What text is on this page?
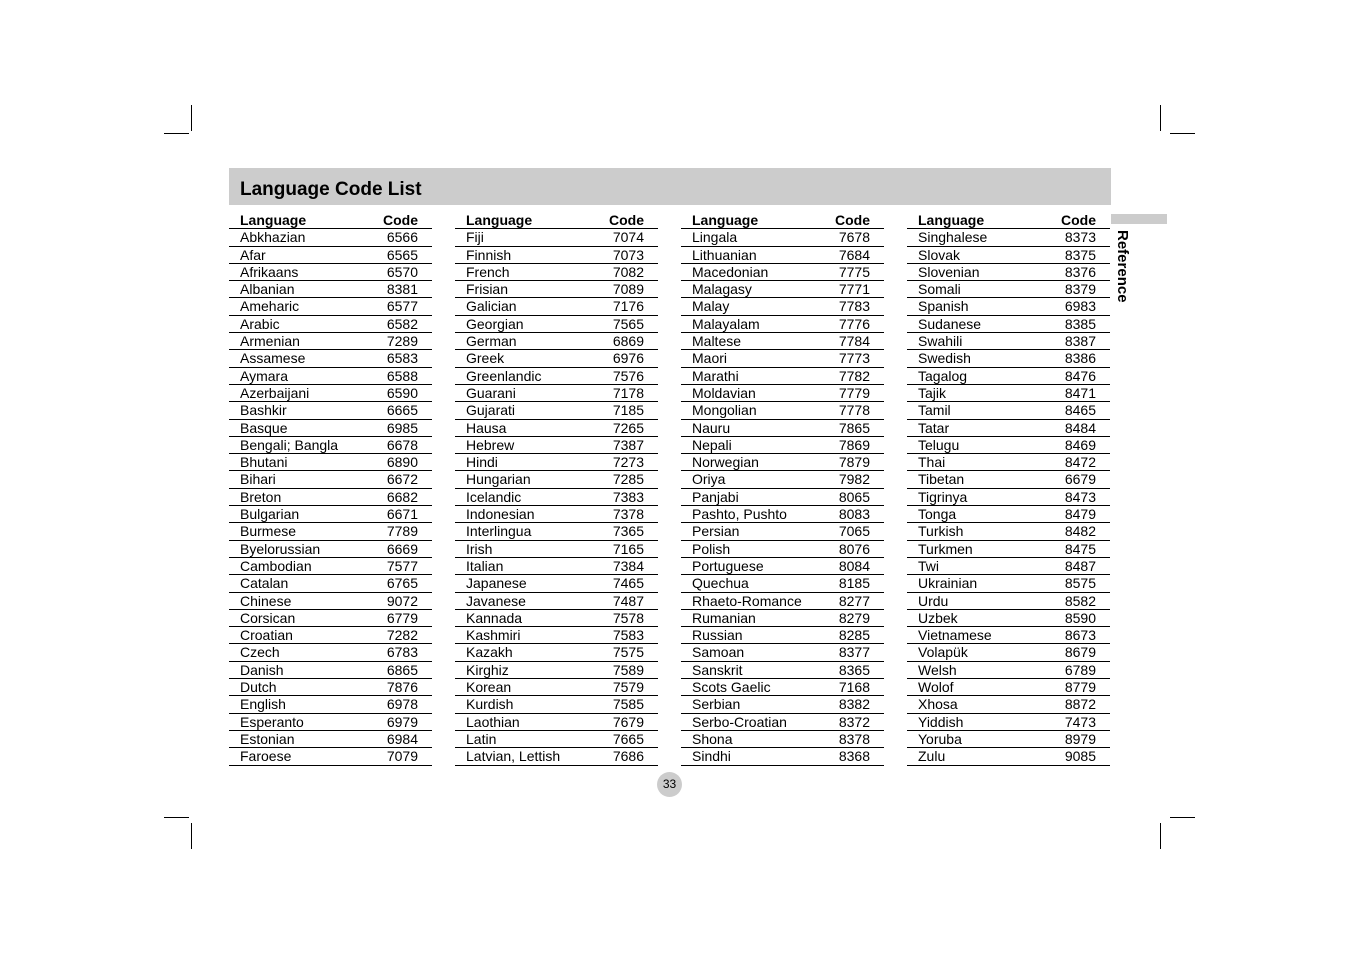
Language Code List
Reference
Language	Code
Abkhazian	6566
Afar	6565
Afrikaans	6570
Albanian	8381
Ameharic	6577
Arabic	6582
Armenian	7289
Assamese	6583
Aymara	6588
Azerbaijani	6590
Bashkir	6665
Basque	6985
Bengali; Bangla	6678
Bhutani	6890
Bihari	6672
Breton	6682
Bulgarian	6671
Burmese	7789
Byelorussian	6669
Cambodian	7577
Catalan	6765
Chinese	9072
Corsican	6779
Croatian	7282
Czech	6783
Danish	6865
Dutch	7876
English	6978
Esperanto	6979
Estonian	6984
Faroese	7079
Language	Code
Fiji	7074
Finnish	7073
French	7082
Frisian	7089
Galician	7176
Georgian	7565
German	6869
Greek	6976
Greenlandic	7576
Guarani	7178
Gujarati	7185
Hausa	7265
Hebrew	7387
Hindi	7273
Hungarian	7285
Icelandic	7383
Indonesian	7378
Interlingua	7365
Irish	7165
Italian	7384
Japanese	7465
Javanese	7487
Kannada	7578
Kashmiri	7583
Kazakh	7575
Kirghiz	7589
Korean	7579
Kurdish	7585
Laothian	7679
Latin	7665
Latvian, Lettish	7686
Language	Code
Lingala	7678
Lithuanian	7684
Macedonian	7775
Malagasy	7771
Malay	7783
Malayalam	7776
Maltese	7784
Maori	7773
Marathi	7782
Moldavian	7779
Mongolian	7778
Nauru	7865
Nepali	7869
Norwegian	7879
Oriya	7982
Panjabi	8065
Pashto, Pushto	8083
Persian	7065
Polish	8076
Portuguese	8084
Quechua	8185
Rhaeto-Romance	8277
Rumanian	8279
Russian	8285
Samoan	8377
Sanskrit	8365
Scots Gaelic	7168
Serbian	8382
Serbo-Croatian	8372
Shona	8378
Sindhi	8368
Language	Code
Singhalese	8373
Slovak	8375
Slovenian	8376
Somali	8379
Spanish	6983
Sudanese	8385
Swahili	8387
Swedish	8386
Tagalog	8476
Tajik	8471
Tamil	8465
Tatar	8484
Telugu	8469
Thai	8472
Tibetan	6679
Tigrinya	8473
Tonga	8479
Turkish	8482
Turkmen	8475
Twi	8487
Ukrainian	8575
Urdu	8582
Uzbek	8590
Vietnamese	8673
Volapük	8679
Welsh	6789
Wolof	8779
Xhosa	8872
Yiddish	7473
Yoruba	8979
Zulu	9085
33
